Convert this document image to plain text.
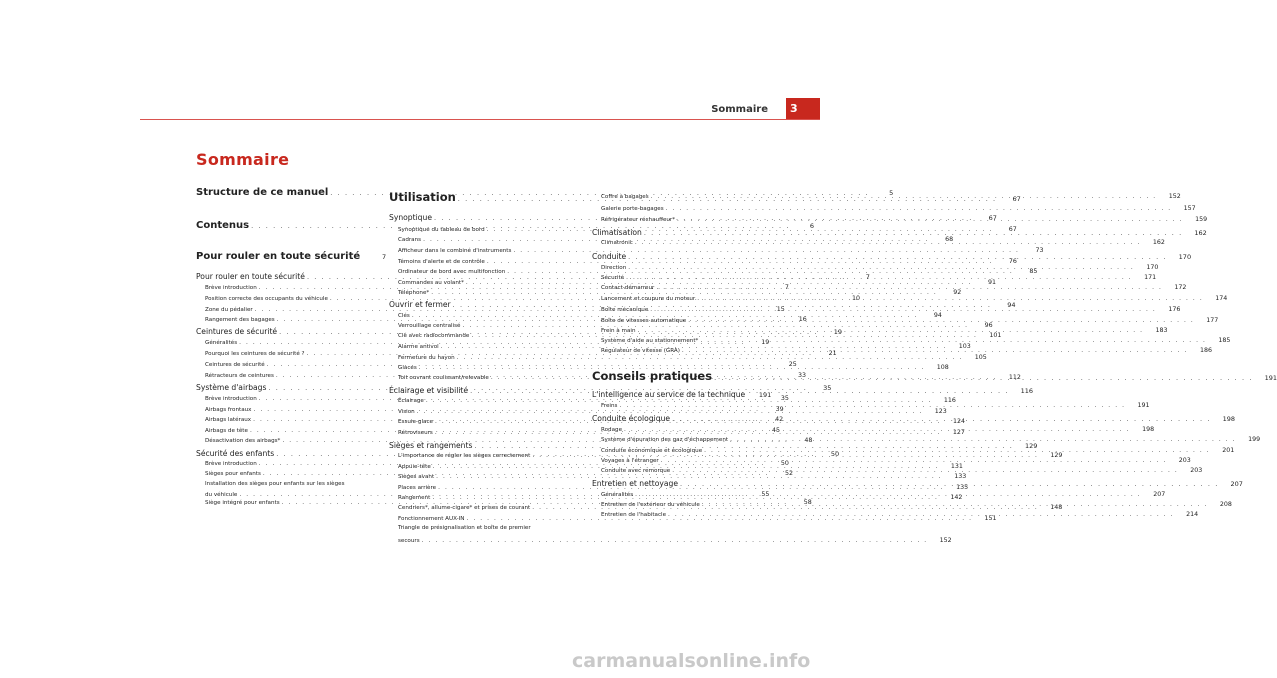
Sommaire	3
Sommaire
Structure de ce manuel . . .	5
Contenus . . .	6
Pour rouler en toute sécurité	7
Pour rouler en toute sécurité . . .	7
Brève introduction . . .	7
Position correcte des occupants du véhicule . . .	10
Zone du pédalier . . .	15
Rangement des bagages . . .	16
Ceintures de sécurité . . .	19
Généralités . . .	19
Pourquoi les ceintures de sécurité ? . . .	21
Ceintures de sécurité . . .	25
Rétracteurs de ceintures . . .	33
Système d'airbags . . .	35
Brève introduction . . .	35
Airbags frontaux . . .	39
Airbags latéraux . . .	42
Airbags de tête . . .	45
Désactivation des airbags* . . .	48
Sécurité des enfants . . .	50
Brève introduction . . .	50
Sièges pour enfants . . .	52
Installation des sièges pour enfants sur les sièges
du véhicule . . .	55
Siège intégré pour enfants . . .	58
Utilisation . . .	67
Synoptique . . .	67
Synoptique du tableau de bord . . .	67
Cadrans . . .	68
Afficheur dans le combiné d'instruments . . .	73
Témoins d'alerte et de contrôle . . .	76
Ordinateur de bord avec multifonction . . .	85
Commandes au volant* . . .	91
Téléphone* . . .	92
Ouvrir et fermer . . .	94
Clés . . .	94
Verrouillage centralisé . . .	96
Clé avec radiocommande . . .	101
Alarme antivol . . .	103
Fermeture du hayon . . .	105
Glaces . . .	108
Toit ouvrant coulissant/relevable . . .	112
Éclairage et visibilité . . .	116
Éclairage . . .	116
Vision . . .	123
Essuie-glace . . .	124
Rétroviseurs . . .	127
Sièges et rangements . . .	129
L'importance de régler les sièges correctement . . .	129
Appuie-tête . . .	131
Sièges avant . . .	133
Places arrière . . .	135
Rangement . . .	142
Cendriers*, allume-cigare* et prises de courant . . .	148
Fonctionnement AUX-IN . . .	151
Triangle de présignalisation et boîte de premier
secours . . .	152
Coffre à bagages . . .	152
Galerie porte-bagages . . .	157
Réfrigérateur réchauffeur* . . .	159
Climatisation . . .	162
Climatronic . . .	162
Conduite . . .	170
Direction . . .	170
Sécurité . . .	171
Contact-démarreur . . .	172
Lancement et coupure du moteur . . .	174
Boîte mécanique . . .	176
Boîte de vitesses automatique . . .	177
Frein à main . . .	183
Système d'aide au stationnement* . . .	185
Regulateur de vitesse (GRA) . . .	186
Conseils pratiques . . .	191
L'intelligence au service de la technique	191
Freins . . .	191
Conduite écologique . . .	198
Rodage . . .	198
Système d'épuration des gaz d'échappement . . .	199
Conduite économique et écologique . . .	201
Voyages à l'étranger . . .	203
Conduite avec remorque . . .	203
Entretien et nettoyage . . .	207
Généralités . . .	207
Entretien de l'extérieur du véhicule . . .	208
Entretien de l'habitacle . . .	214
carmanualsonline.info
